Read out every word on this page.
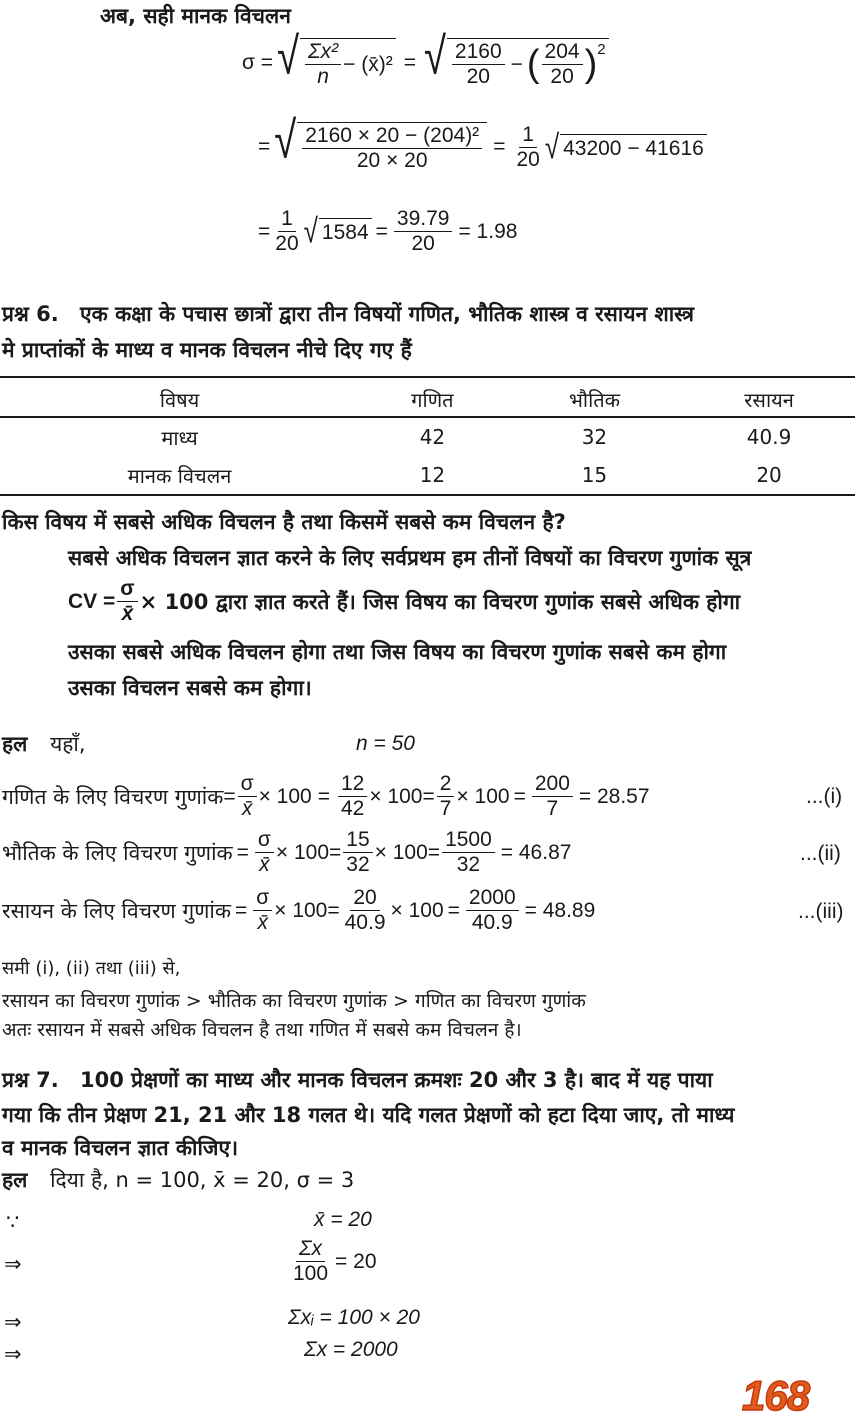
अब, सही मानक विचलन
σ = √ $\frac{\text{Σx²}}{n}$ − (x̄)² = √ $\frac{2160}{20}$ − ( $\frac{204}{20} )^2$
= √ $\frac{\text{2160 × 20 − (204)²}}{20 \times 20} = \frac{1}{20}$ √ 43200 − 41616
= $\frac{1}{20}$ √ $1584 = \frac{39.79}{20} = 1.98$
प्रश्न 6. एक कक्षा के पचास छात्रों द्वारा तीन विषयों गणित, भौतिक शास्त्र व रसायन शास्त्र
मे प्राप्तांकों के माध्य व मानक विचलन नीचे दिए गए हैं
विषय	गणित	भौतिक	रसायन
माध्य	42	32	40.9
मानक विचलन	12	15	20
किस विषय में सबसे अधिक विचलन है तथा किसमें सबसे कम विचलन है?
सबसे अधिक विचलन ज्ञात करने के लिए सर्वप्रथम हम तीनों विषयों का विचरण गुणांक सूत्र
CV = $\frac{\sigma}{x̄} \times 100$ द्वारा ज्ञात करते हैं। जिस विषय का विचरण गुणांक सबसे अधिक होगा
उसका सबसे अधिक विचलन होगा तथा जिस विषय का विचरण गुणांक सबसे कम होगा
उसका विचलन सबसे कम होगा।
हल यहाँ,	n = 50
गणित के लिए विचरण गुणांक = $\frac{\sigma}{x̄} \times 100 = \frac{12}{42} \times 100 = \frac{2}{7} \times 100 = \frac{200}{7} = 28.57$	...(i)
भौतिक के लिए विचरण गुणांक = $\frac{\sigma}{x̄} \times 100 = \frac{15}{32} \times 100 = \frac{1500}{32} = 46.87$	...(ii)
रसायन के लिए विचरण गुणांक = $\frac{\sigma}{x̄} \times 100 = \frac{20}{40.9} \times 100 = \frac{2000}{40.9} = 48.89$	...(iii)
समी (i), (ii) तथा (iii) से,
रसायन का विचरण गुणांक > भौतिक का विचरण गुणांक > गणित का विचरण गुणांक
अतः रसायन में सबसे अधिक विचलन है तथा गणित में सबसे कम विचलन है।
प्रश्न 7. 100 प्रेक्षणों का माध्य और मानक विचलन क्रमशः 20 और 3 है। बाद में यह पाया
गया कि तीन प्रेक्षण 21, 21 और 18 गलत थे। यदि गलत प्रेक्षणों को हटा दिया जाए, तो माध्य
व मानक विचलन ज्ञात कीजिए।
हल दिया है, n = 100, x̄ = 20, σ = 3
∵	x̄ = 20
⇒	$\frac{\Sigma x}{100} = 20$
⇒	Σxᵢ = 100 × 20
⇒	Σx = 2000
168
